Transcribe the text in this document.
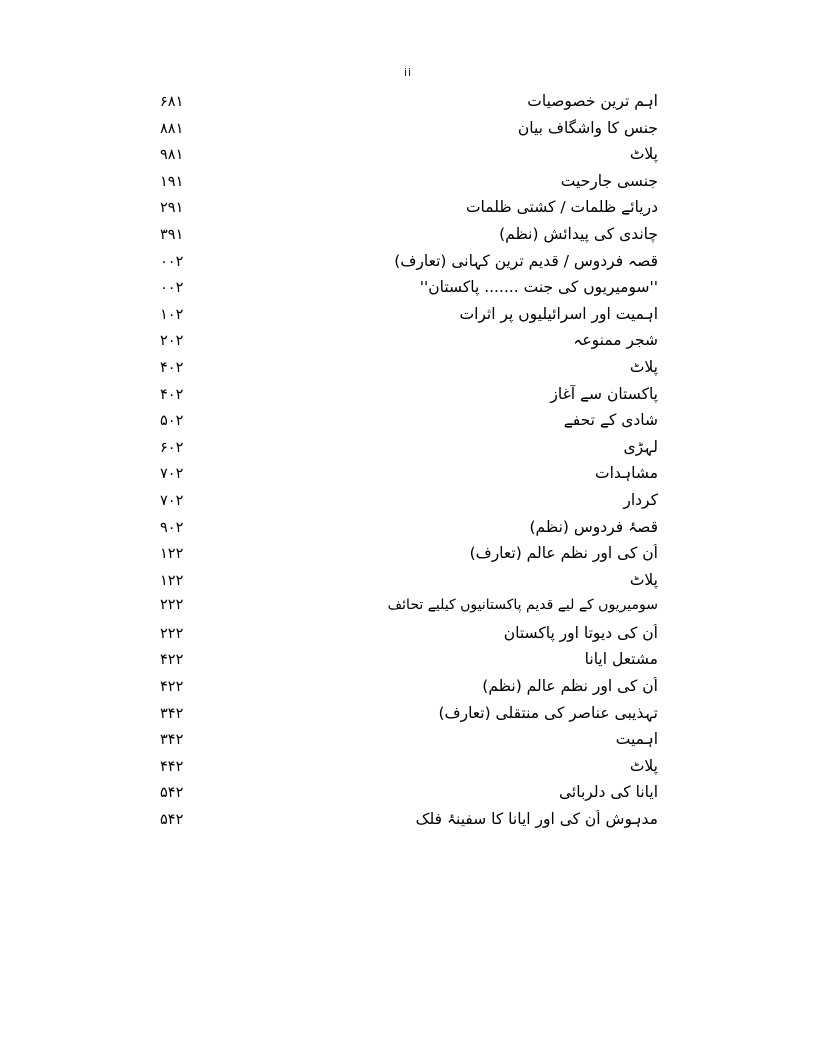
ii
۱۸۶	اہم ترین خصوصیات
۱۸۸	جنس کا واشگاف بیان
۱۸۹	پلاٹ
۱۹۱	جنسی جارحیت
۱۹۲	دریائے ظلمات / کشتی ظلمات
۱۹۳	چاندی کی پیدائش (نظم)
۲۰۰	قصہ فردوس / قدیم ترین کہانی (تعارف)
۲۰۰	''سومیریوں کی جنت ....... پاکستان''
۲۰۱	اہمیت اور اسرائیلیوں پر اثرات
۲۰۲	شجر ممنوعہ
۲۰۴	پلاٹ
۲۰۴	پاکستان سے آغاز
۲۰۵	شادی کے تحفے
۲۰۶	لہڑی
۲۰۷	مشاہدات
۲۰۷	کردار
۲۰۹	قصۂ فردوس (نظم)
۲۲۱	اُن کی اور نظم عالم (تعارف)
۲۲۱	پلاٹ
۲۲۲	سومیریوں کے لیے قدیم پاکستانیوں کیلیے تحائف
۲۲۲	اُن کی دیوتا اور پاکستان
۲۲۴	مشتعل ایانا
۲۲۴	اُن کی اور نظم عالم (نظم)
۲۴۳	تہذیبی عناصر کی منتقلی (تعارف)
۲۴۳	اہمیت
۲۴۴	پلاٹ
۲۴۵	ایانا کی دلربائی
۲۴۵	مدہوش اُن کی اور ایانا کا سفینۂ فلک
